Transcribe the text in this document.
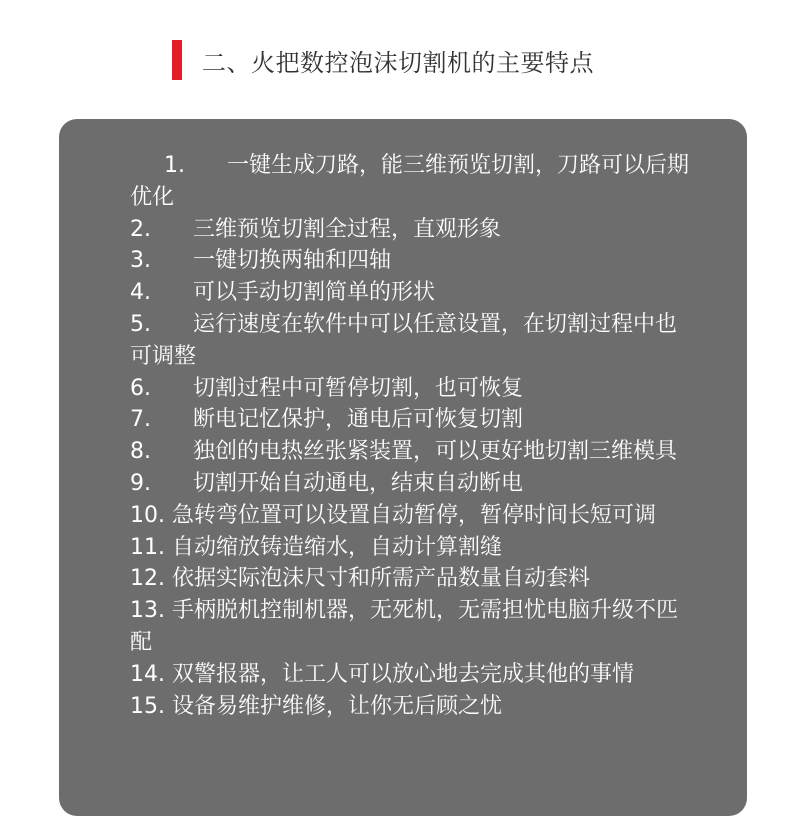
二、火把数控泡沫切割机的主要特点
1.      一键生成刀路，能三维预览切割，刀路可以后期优化
2.      三维预览切割全过程，直观形象
3.      一键切换两轴和四轴
4.      可以手动切割简单的形状
5.      运行速度在软件中可以任意设置，在切割过程中也可调整
6.      切割过程中可暂停切割，也可恢复
7.      断电记忆保护，通电后可恢复切割
8.      独创的电热丝张紧装置，可以更好地切割三维模具
9.      切割开始自动通电，结束自动断电
10. 急转弯位置可以设置自动暂停，暂停时间长短可调
11. 自动缩放铸造缩水，自动计算割缝
12. 依据实际泡沫尺寸和所需产品数量自动套料
13. 手柄脱机控制机器，无死机，无需担忧电脑升级不匹配
14. 双警报器，让工人可以放心地去完成其他的事情
15. 设备易维护维修，让你无后顾之忧
